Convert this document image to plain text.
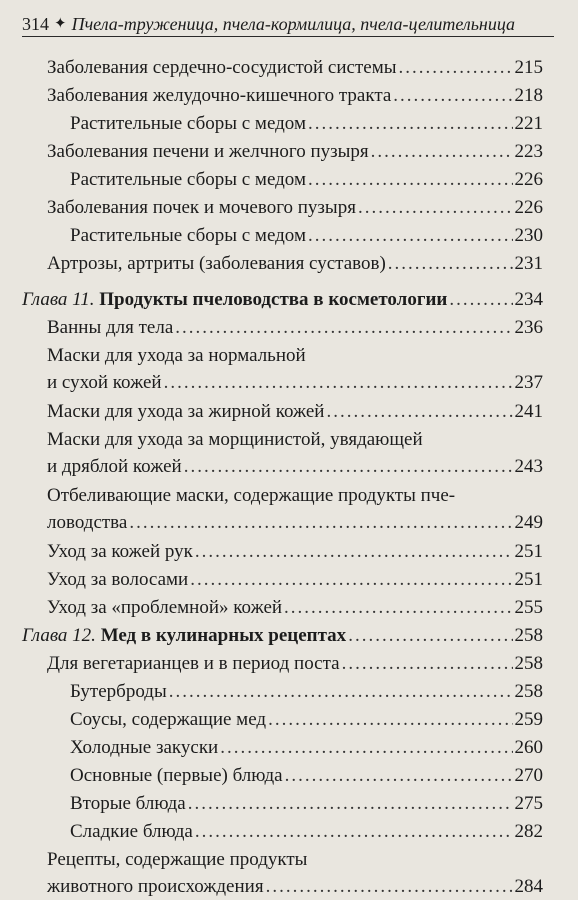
314 ✦ Пчела-труженица, пчела-кормилица, пчела-целительница
Заболевания сердечно-сосудистой системы .....	215
Заболевания желудочно-кишечного тракта .....	218
Растительные сборы с медом .....	221
Заболевания печени и желчного пузыря .....	223
Растительные сборы с медом .....	226
Заболевания почек и мочевого пузыря .....	226
Растительные сборы с медом .....	230
Артрозы, артриты (заболевания суставов) .....	231
Глава 11. Продукты пчеловодства в косметологии .....	234
Ванны для тела .....	236
Маски для ухода за нормальной
и сухой кожей .....	237
Маски для ухода за жирной кожей .....	241
Маски для ухода за морщинистой, увядающей
и дряблой кожей .....	243
Отбеливающие маски, содержащие продукты пче-
ловодства .....	249
Уход за кожей рук .....	251
Уход за волосами .....	251
Уход за «проблемной» кожей .....	255
Глава 12. Мед в кулинарных рецептах .....	258
Для вегетарианцев и в период поста .....	258
Бутерброды .....	258
Соусы, содержащие мед .....	259
Холодные закуски .....	260
Основные (первые) блюда .....	270
Вторые блюда .....	275
Сладкие блюда .....	282
Рецепты, содержащие продукты
животного происхождения .....	284
